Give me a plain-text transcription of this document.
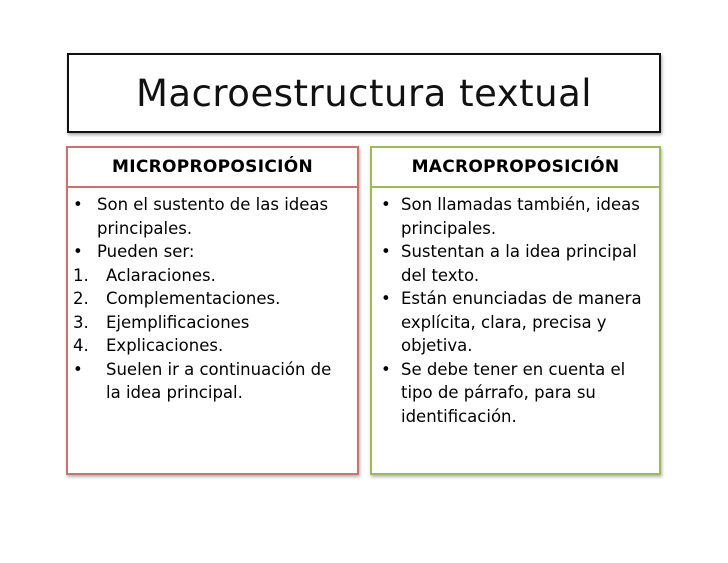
Macroestructura textual
MICROPROPOSICIÓN
• Son el sustento de las ideas principales.
• Pueden ser:
1.	Aclaraciones.
2.	Complementaciones.
3.	Ejemplificaciones
4.	Explicaciones.
•	Suelen ir a continuación de la idea principal.
MACROPROPOSICIÓN
• Son llamadas también, ideas principales.
• Sustentan a la idea principal del texto.
• Están enunciadas de manera explícita, clara, precisa y objetiva.
• Se debe tener en cuenta el tipo de párrafo, para su identificación.
